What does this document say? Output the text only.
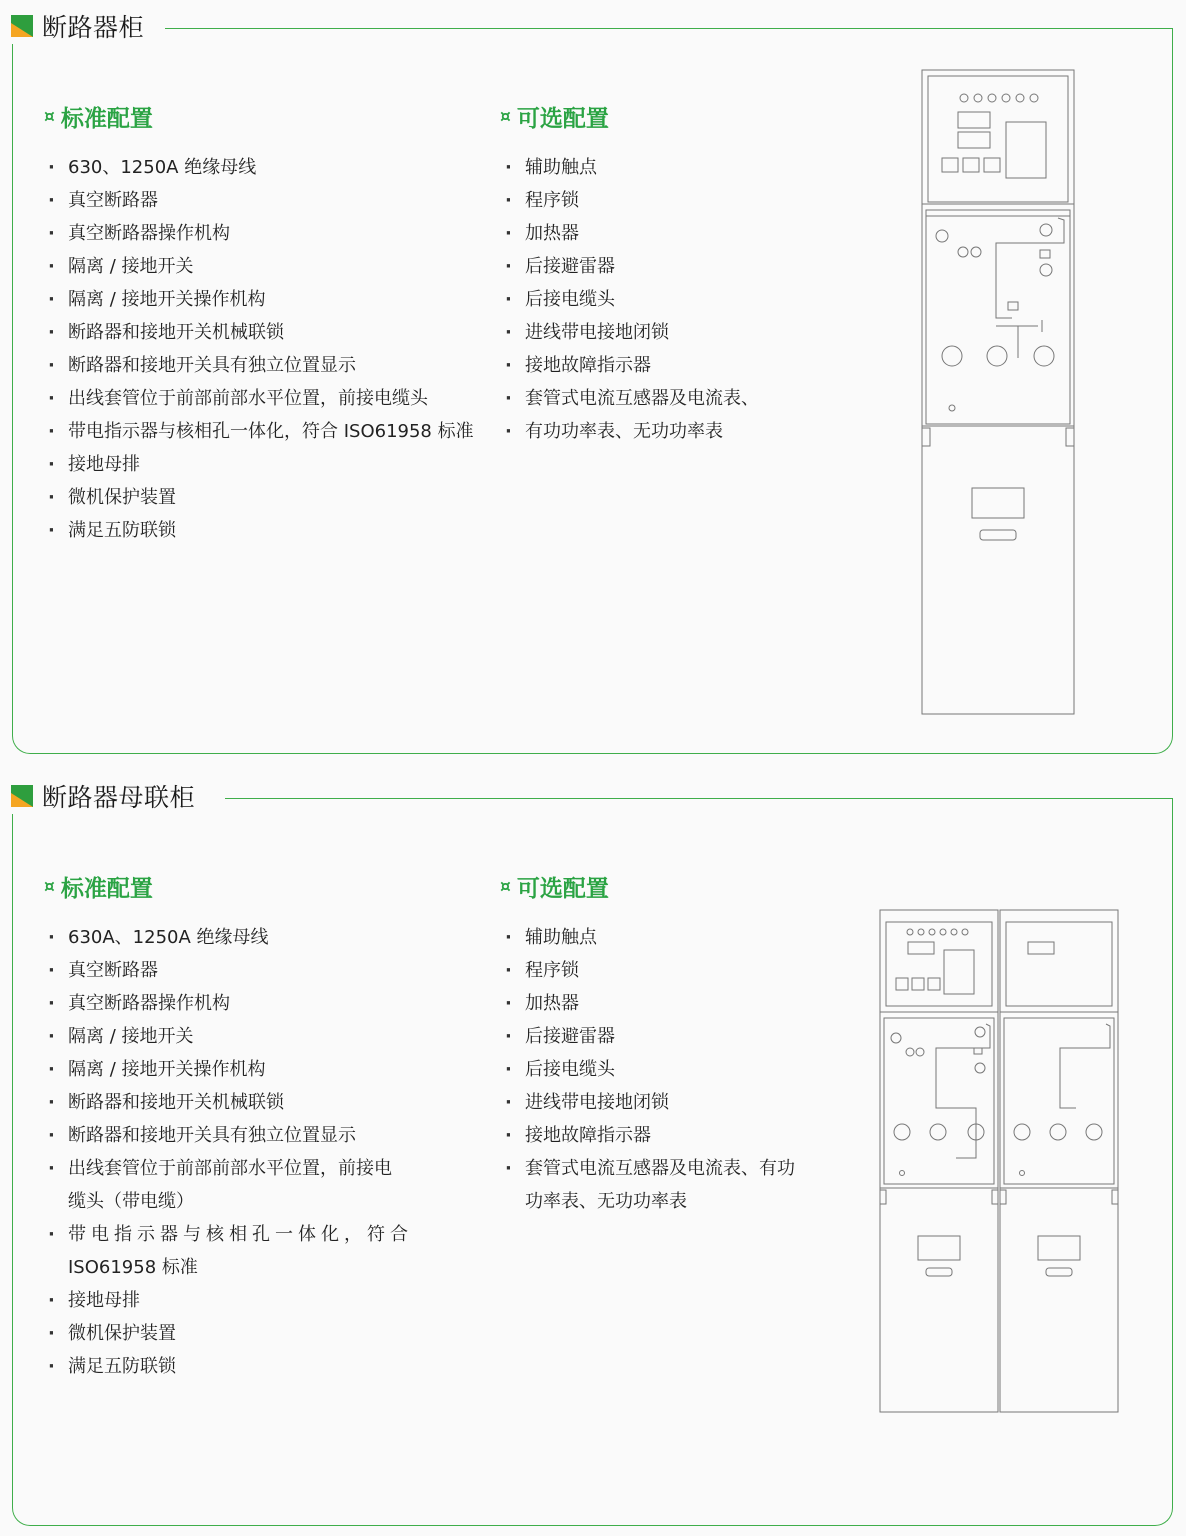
断路器柜
¤ 标准配置
· 630、1250A 绝缘母线
· 真空断路器
· 真空断路器操作机构
· 隔离 / 接地开关
· 隔离 / 接地开关操作机构
· 断路器和接地开关机械联锁
· 断路器和接地开关具有独立位置显示
· 出线套管位于前部前部水平位置，前接电缆头
· 带电指示器与核相孔一体化，符合 ISO61958 标准
· 接地母排
· 微机保护装置
· 满足五防联锁
¤ 可选配置
· 辅助触点
· 程序锁
· 加热器
· 后接避雷器
· 后接电缆头
· 进线带电接地闭锁
· 接地故障指示器
· 套管式电流互感器及电流表、
· 有功功率表、无功功率表
断路器母联柜
¤ 标准配置
· 630A、1250A 绝缘母线
· 真空断路器
· 真空断路器操作机构
· 隔离 / 接地开关
· 隔离 / 接地开关操作机构
· 断路器和接地开关机械联锁
· 断路器和接地开关具有独立位置显示
· 出线套管位于前部前部水平位置，前接电
缆头（带电缆）
· 带电指示器与核相孔一体化，符合
ISO61958 标准
· 接地母排
· 微机保护装置
· 满足五防联锁
¤ 可选配置
· 辅助触点
· 程序锁
· 加热器
· 后接避雷器
· 后接电缆头
· 进线带电接地闭锁
· 接地故障指示器
· 套管式电流互感器及电流表、有功
功率表、无功功率表
